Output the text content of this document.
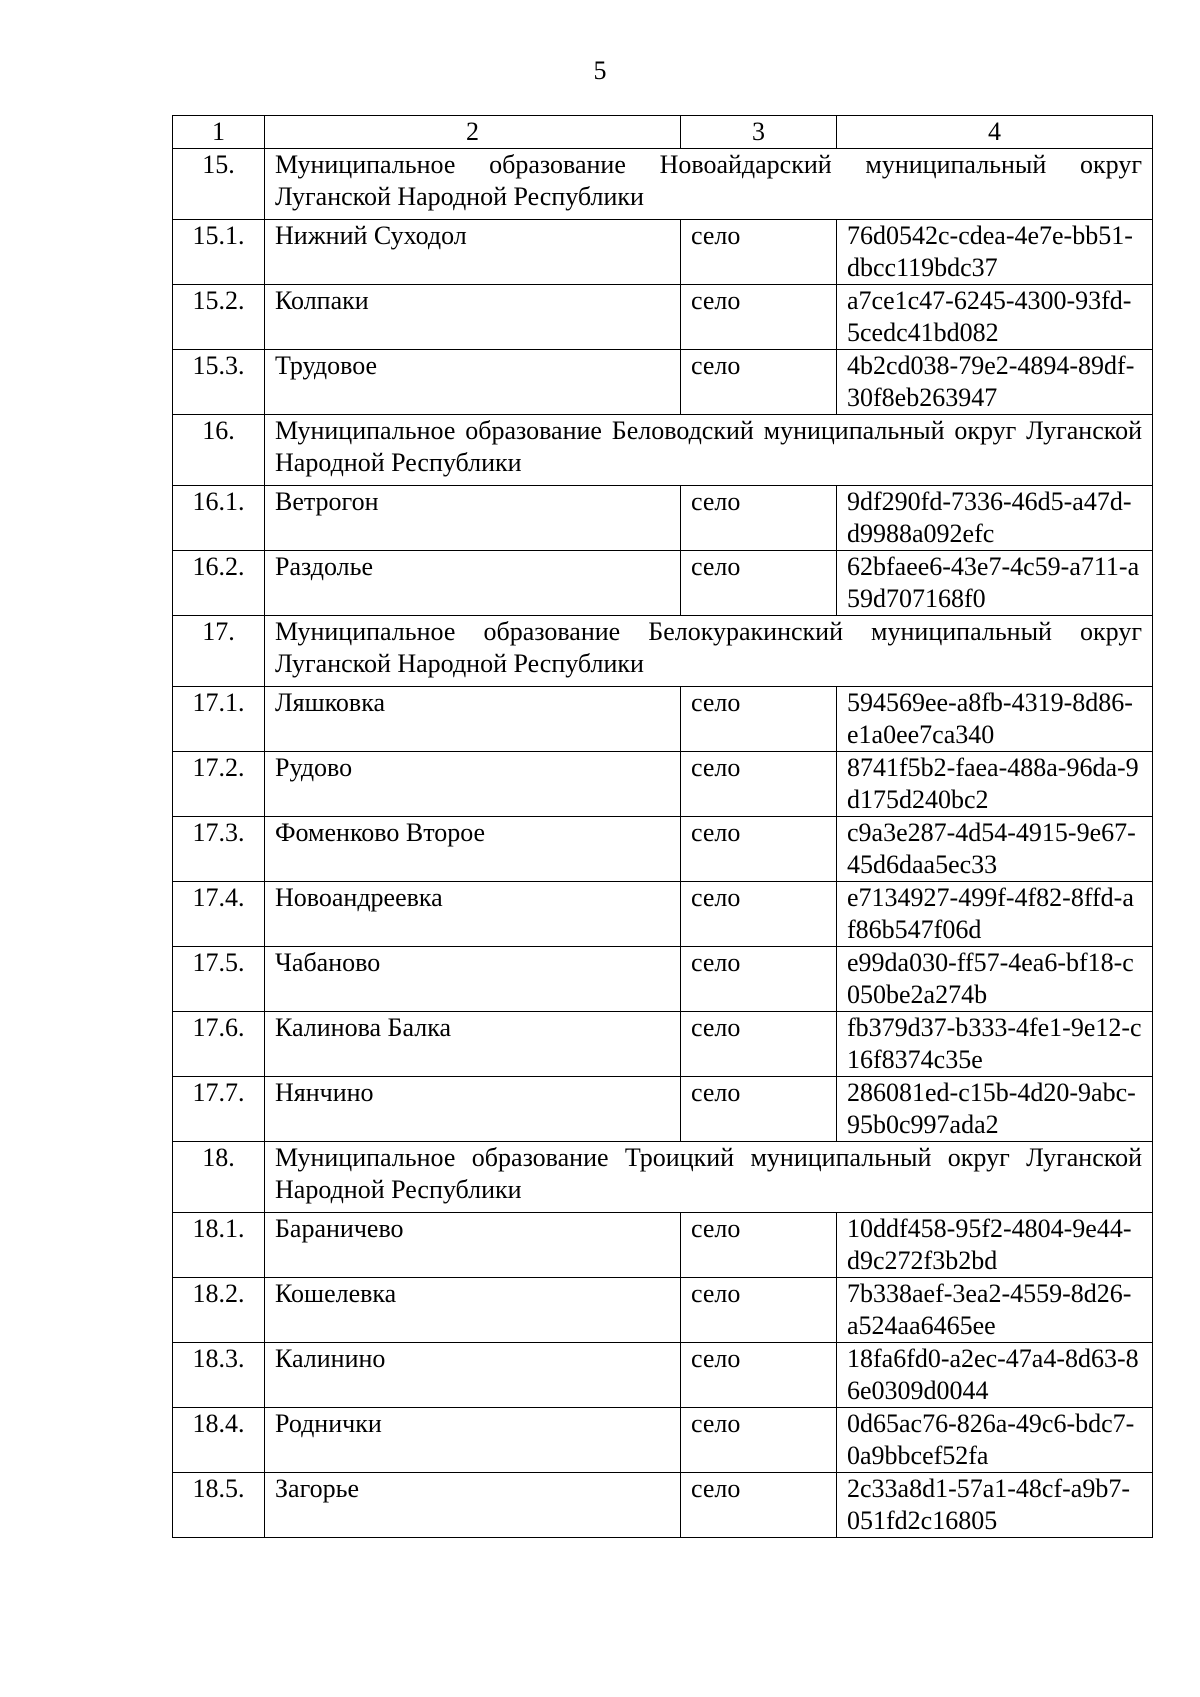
5
1	2	3	4
15.	Муниципальное образование Новоайдарский муниципальный округ Луганской Народной Республики		
15.1.	Нижний Суходол	село	76d0542c-cdea-4e7e-bb51-dbcc119bdc37
15.2.	Колпаки	село	a7ce1c47-6245-4300-93fd-5cedc41bd082
15.3.	Трудовое	село	4b2cd038-79e2-4894-89df-30f8eb263947
16.	Муниципальное образование Беловодский муниципальный округ Луганской Народной Республики		
16.1.	Ветрогон	село	9df290fd-7336-46d5-a47d-d9988a092efc
16.2.	Раздолье	село	62bfaee6-43e7-4c59-a711-a59d707168f0
17.	Муниципальное образование Белокуракинский муниципальный округ Луганской Народной Республики		
17.1.	Ляшковка	село	594569ee-a8fb-4319-8d86-e1a0ee7ca340
17.2.	Рудово	село	8741f5b2-faea-488a-96da-9d175d240bc2
17.3.	Фоменково Второе	село	c9a3e287-4d54-4915-9e67-45d6daa5ec33
17.4.	Новоандреевка	село	e7134927-499f-4f82-8ffd-af86b547f06d
17.5.	Чабаново	село	e99da030-ff57-4ea6-bf18-c050be2a274b
17.6.	Калинова Балка	село	fb379d37-b333-4fe1-9e12-c16f8374c35e
17.7.	Нянчино	село	286081ed-c15b-4d20-9abc-95b0c997ada2
18.	Муниципальное образование Троицкий муниципальный округ Луганской Народной Республики		
18.1.	Бараничево	село	10ddf458-95f2-4804-9e44-d9c272f3b2bd
18.2.	Кошелевка	село	7b338aef-3ea2-4559-8d26-a524aa6465ee
18.3.	Калинино	село	18fa6fd0-a2ec-47a4-8d63-86e0309d0044
18.4.	Роднички	село	0d65ac76-826a-49c6-bdc7-0a9bbcef52fa
18.5.	Загорье	село	2c33a8d1-57a1-48cf-a9b7-051fd2c16805
